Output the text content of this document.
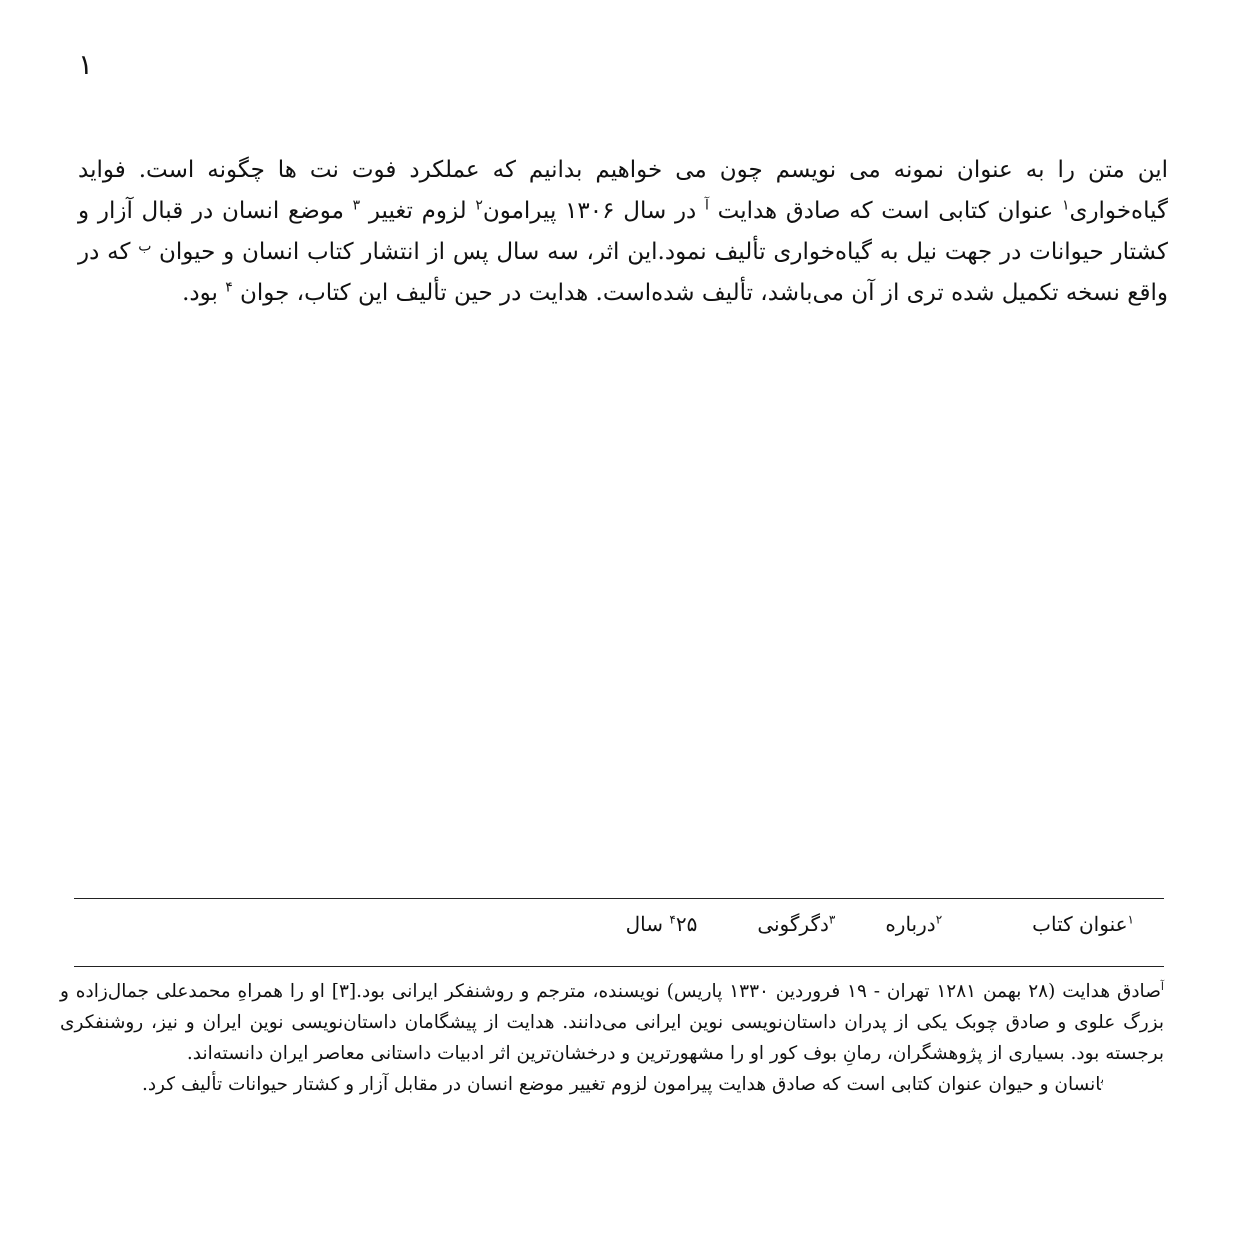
۱

این متن را به عنوان نمونه می نویسم چون می خواهیم بدانیم که عملکرد فوت نت ها چگونه است. فواید گیاه‌خواری$^۱$ عنوان کتابی است که صادق هدایت $^آ$ در سال ۱۳۰۶ پیرامون$^۲$ لزوم تغییر $^۳$ موضع انسان در قبال آزار و کشتار حیوانات در جهت نیل به گیاه‌خواری تألیف نمود.این اثر، سه سال پس از انتشار کتاب انسان و حیوان $^ب$ که در واقع نسخه تکمیل شده تری از آن می‌باشد، تألیف شده‌است. هدایت در حین تألیف این کتاب، جوان $^۴$ بود.

$^۱$عنوان کتاب
$^۲$درباره
$^۳$دگرگونی
$^۴$۲۵ سال

$^آ$صادق هدایت (۲۸ بهمن ۱۲۸۱ تهران - ۱۹ فروردین ۱۳۳۰ پاریس) نویسنده، مترجم و روشنفکر ایرانی بود.[۳] او را همراهِ محمدعلی جمال‌زاده و بزرگ علوی و صادق چوبک یکی از پدران داستان‌نویسی نوین ایرانی می‌دانند. هدایت از پیشگامان داستان‌نویسی نوین ایران و نیز، روشنفکری برجسته بود. بسیاری از پژوهشگران، رمانِ بوف کور او را مشهورترین و درخشان‌ترین اثر ادبیات داستانی معاصر ایران دانسته‌اند.

$^ب$انسان و حیوان عنوان کتابی است که صادق هدایت پیرامون لزوم تغییر موضع انسان در مقابل آزار و کشتار حیوانات تألیف کرد.
